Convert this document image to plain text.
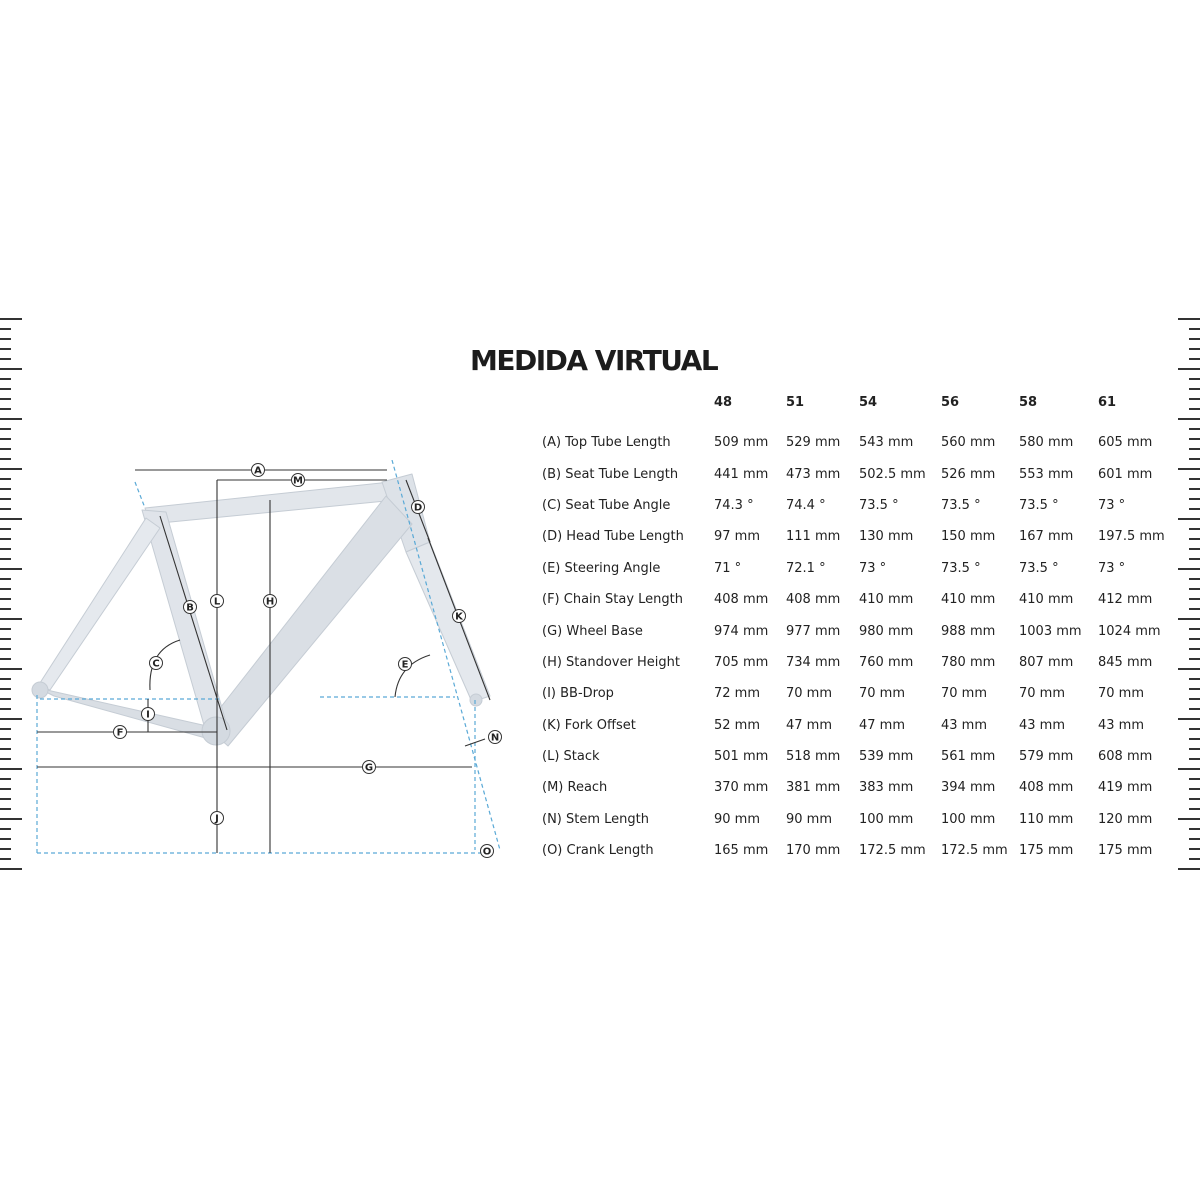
A
M
D
B
L	H
K
C	E
I
F	N
G
J
O
MEDIDA VIRTUAL
	48	51	54	56	58	61
(A) Top Tube Length	509 mm	529 mm	543 mm	560 mm	580 mm	605 mm
(B) Seat Tube Length	441 mm	473 mm	502.5 mm	526 mm	553 mm	601 mm
(C) Seat Tube Angle	74.3 °	74.4 °	73.5 °	73.5 °	73.5 °	73 °
(D) Head Tube Length	97 mm	111 mm	130 mm	150 mm	167 mm	197.5 mm
(E) Steering Angle	71 °	72.1 °	73 °	73.5 °	73.5 °	73 °
(F) Chain Stay Length	408 mm	408 mm	410 mm	410 mm	410 mm	412 mm
(G) Wheel Base	974 mm	977 mm	980 mm	988 mm	1003 mm	1024 mm
(H) Standover Height	705 mm	734 mm	760 mm	780 mm	807 mm	845 mm
(I) BB-Drop	72 mm	70 mm	70 mm	70 mm	70 mm	70 mm
(K) Fork Offset	52 mm	47 mm	47 mm	43 mm	43 mm	43 mm
(L) Stack	501 mm	518 mm	539 mm	561 mm	579 mm	608 mm
(M) Reach	370 mm	381 mm	383 mm	394 mm	408 mm	419 mm
(N) Stem Length	90 mm	90 mm	100 mm	100 mm	110 mm	120 mm
(O) Crank Length	165 mm	170 mm	172.5 mm	172.5 mm	175 mm	175 mm
